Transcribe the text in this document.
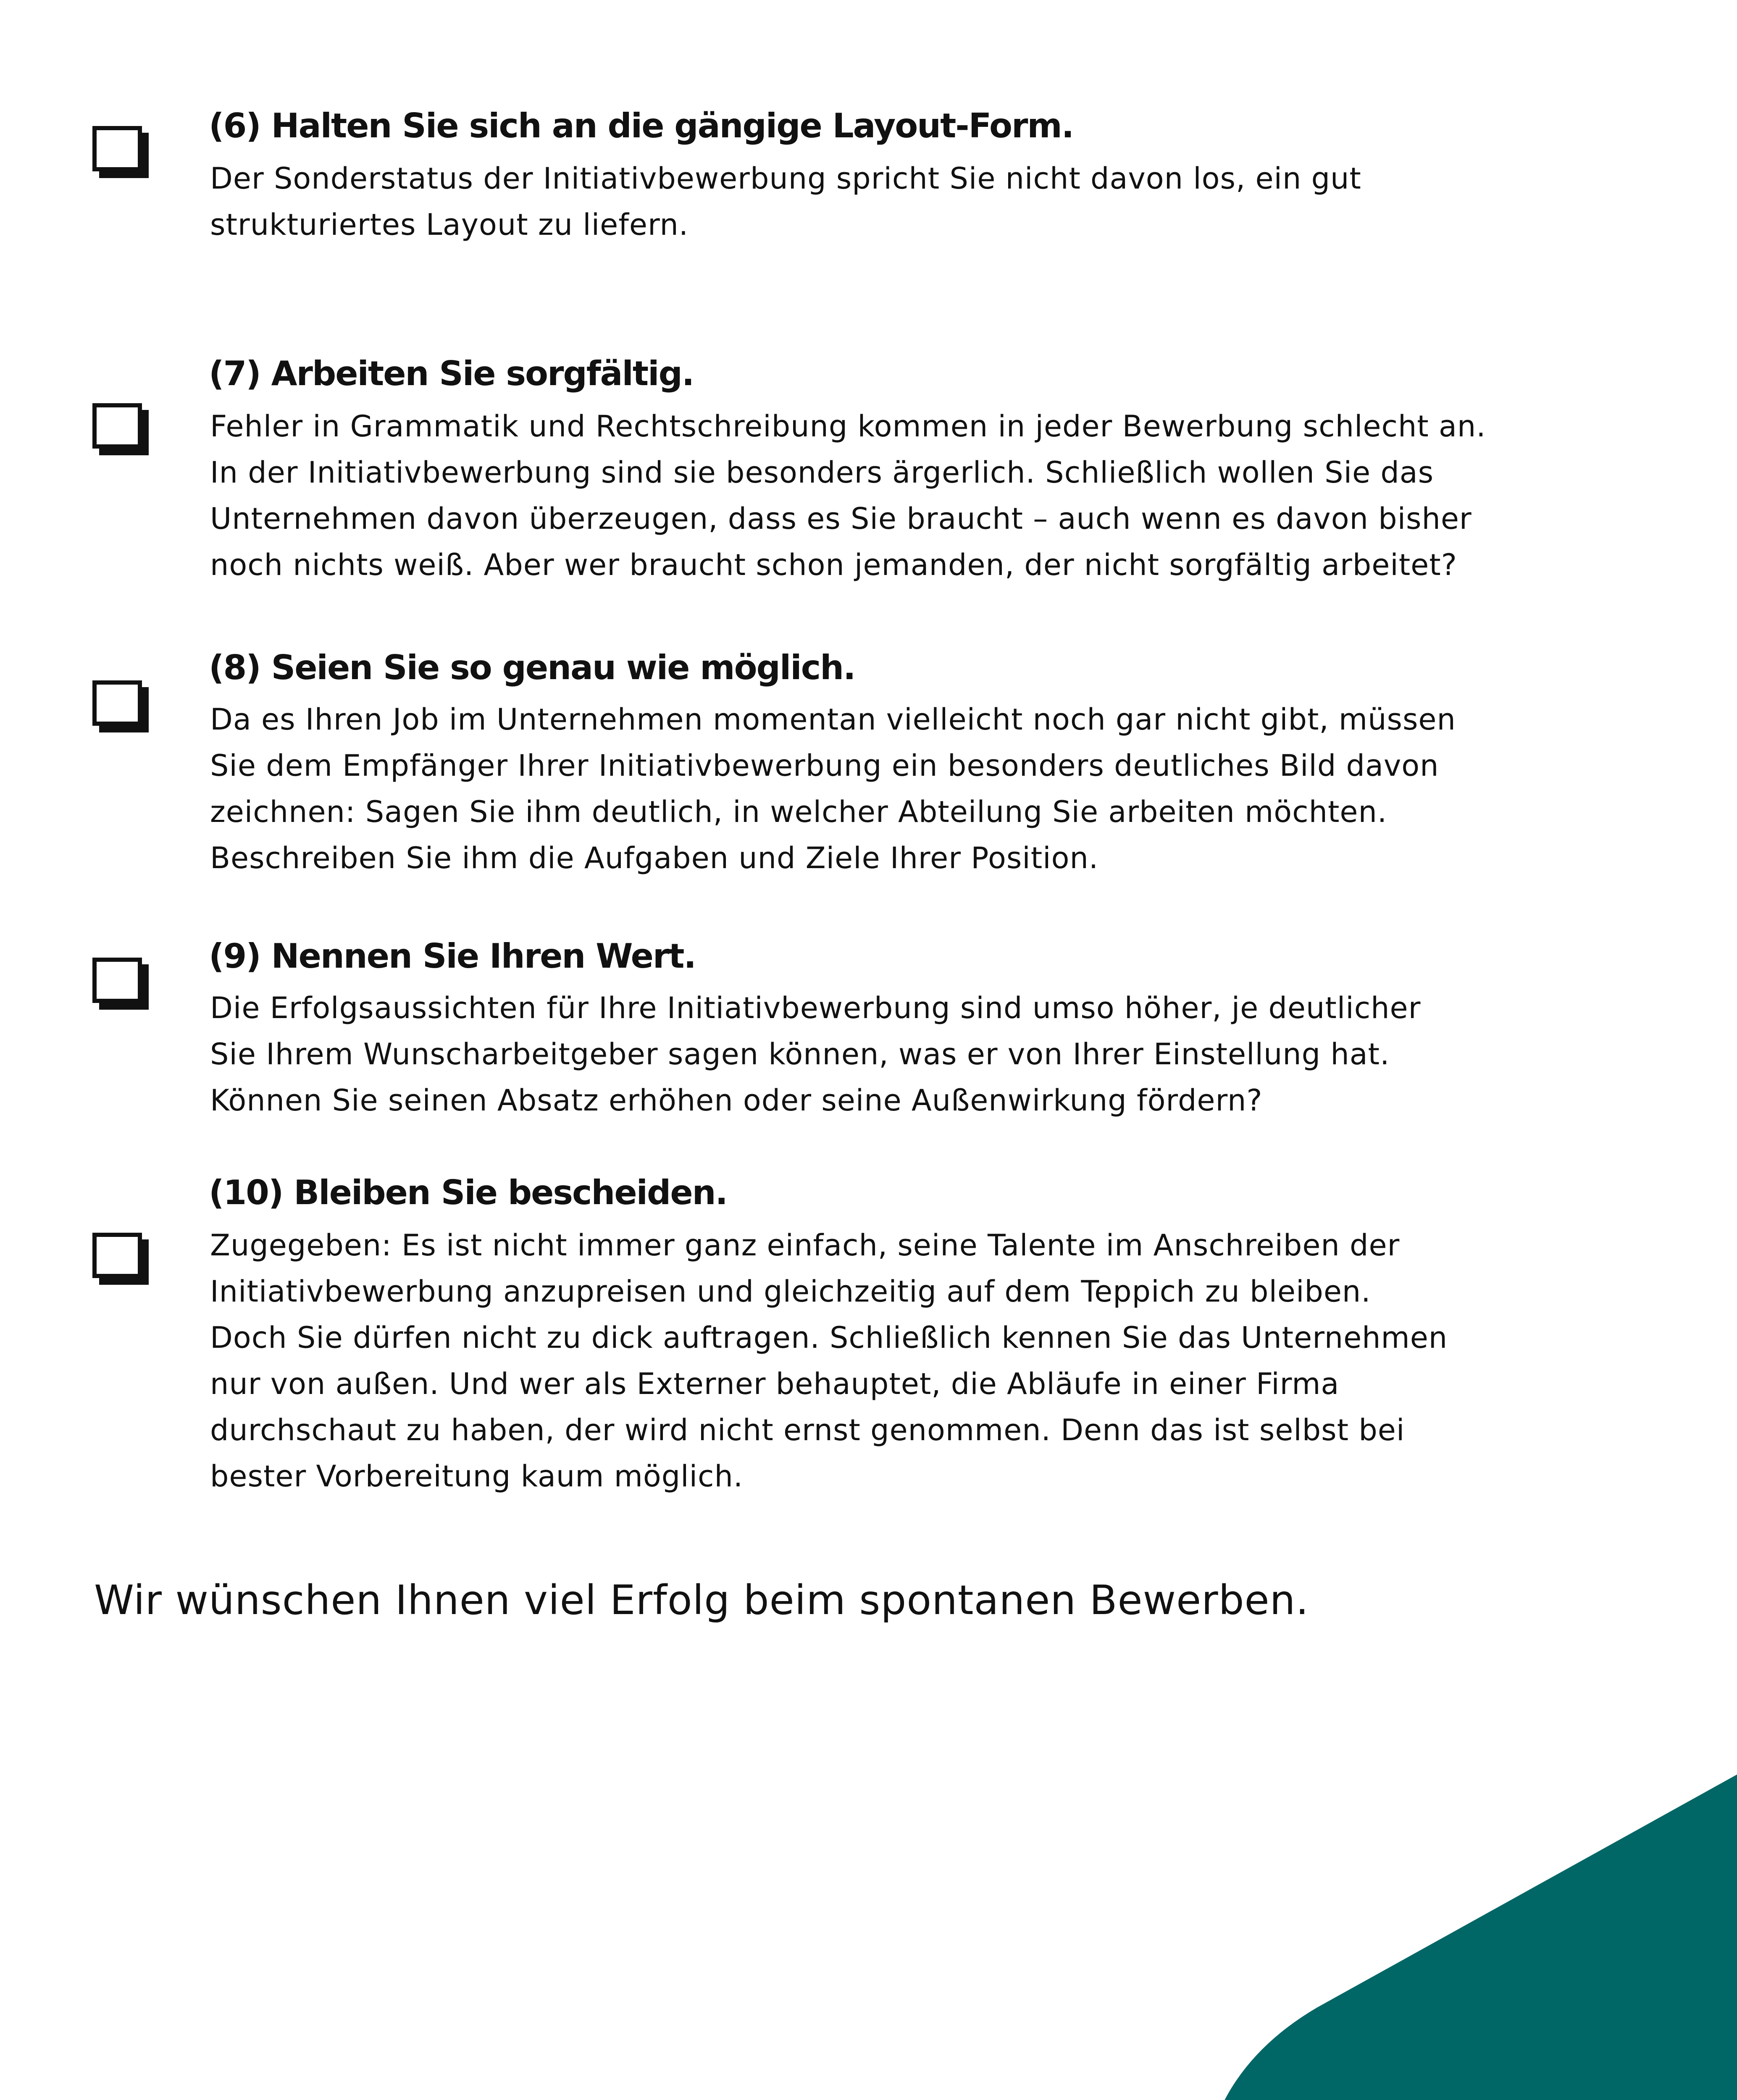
(6) Halten Sie sich an die gängige Layout-Form.

Der Sonderstatus der Initiativbewerbung spricht Sie nicht davon los, ein gut
strukturiertes Layout zu liefern.

(7) Arbeiten Sie sorgfältig.

Fehler in Grammatik und Rechtschreibung kommen in jeder Bewerbung schlecht an.
In der Initiativbewerbung sind sie besonders ärgerlich. Schließlich wollen Sie das
Unternehmen davon überzeugen, dass es Sie braucht – auch wenn es davon bisher
noch nichts weiß. Aber wer braucht schon jemanden, der nicht sorgfältig arbeitet?

(8) Seien Sie so genau wie möglich.

Da es Ihren Job im Unternehmen momentan vielleicht noch gar nicht gibt, müssen
Sie dem Empfänger Ihrer Initiativbewerbung ein besonders deutliches Bild davon
zeichnen: Sagen Sie ihm deutlich, in welcher Abteilung Sie arbeiten möchten.
Beschreiben Sie ihm die Aufgaben und Ziele Ihrer Position.

(9) Nennen Sie Ihren Wert.

Die Erfolgsaussichten für Ihre Initiativbewerbung sind umso höher, je deutlicher
Sie Ihrem Wunscharbeitgeber sagen können, was er von Ihrer Einstellung hat.
Können Sie seinen Absatz erhöhen oder seine Außenwirkung fördern?

(10) Bleiben Sie bescheiden.

Zugegeben: Es ist nicht immer ganz einfach, seine Talente im Anschreiben der
Initiativbewerbung anzupreisen und gleichzeitig auf dem Teppich zu bleiben.
Doch Sie dürfen nicht zu dick auftragen. Schließlich kennen Sie das Unternehmen
nur von außen. Und wer als Externer behauptet, die Abläufe in einer Firma
durchschaut zu haben, der wird nicht ernst genommen. Denn das ist selbst bei
bester Vorbereitung kaum möglich.

Wir wünschen Ihnen viel Erfolg beim spontanen Bewerben.
